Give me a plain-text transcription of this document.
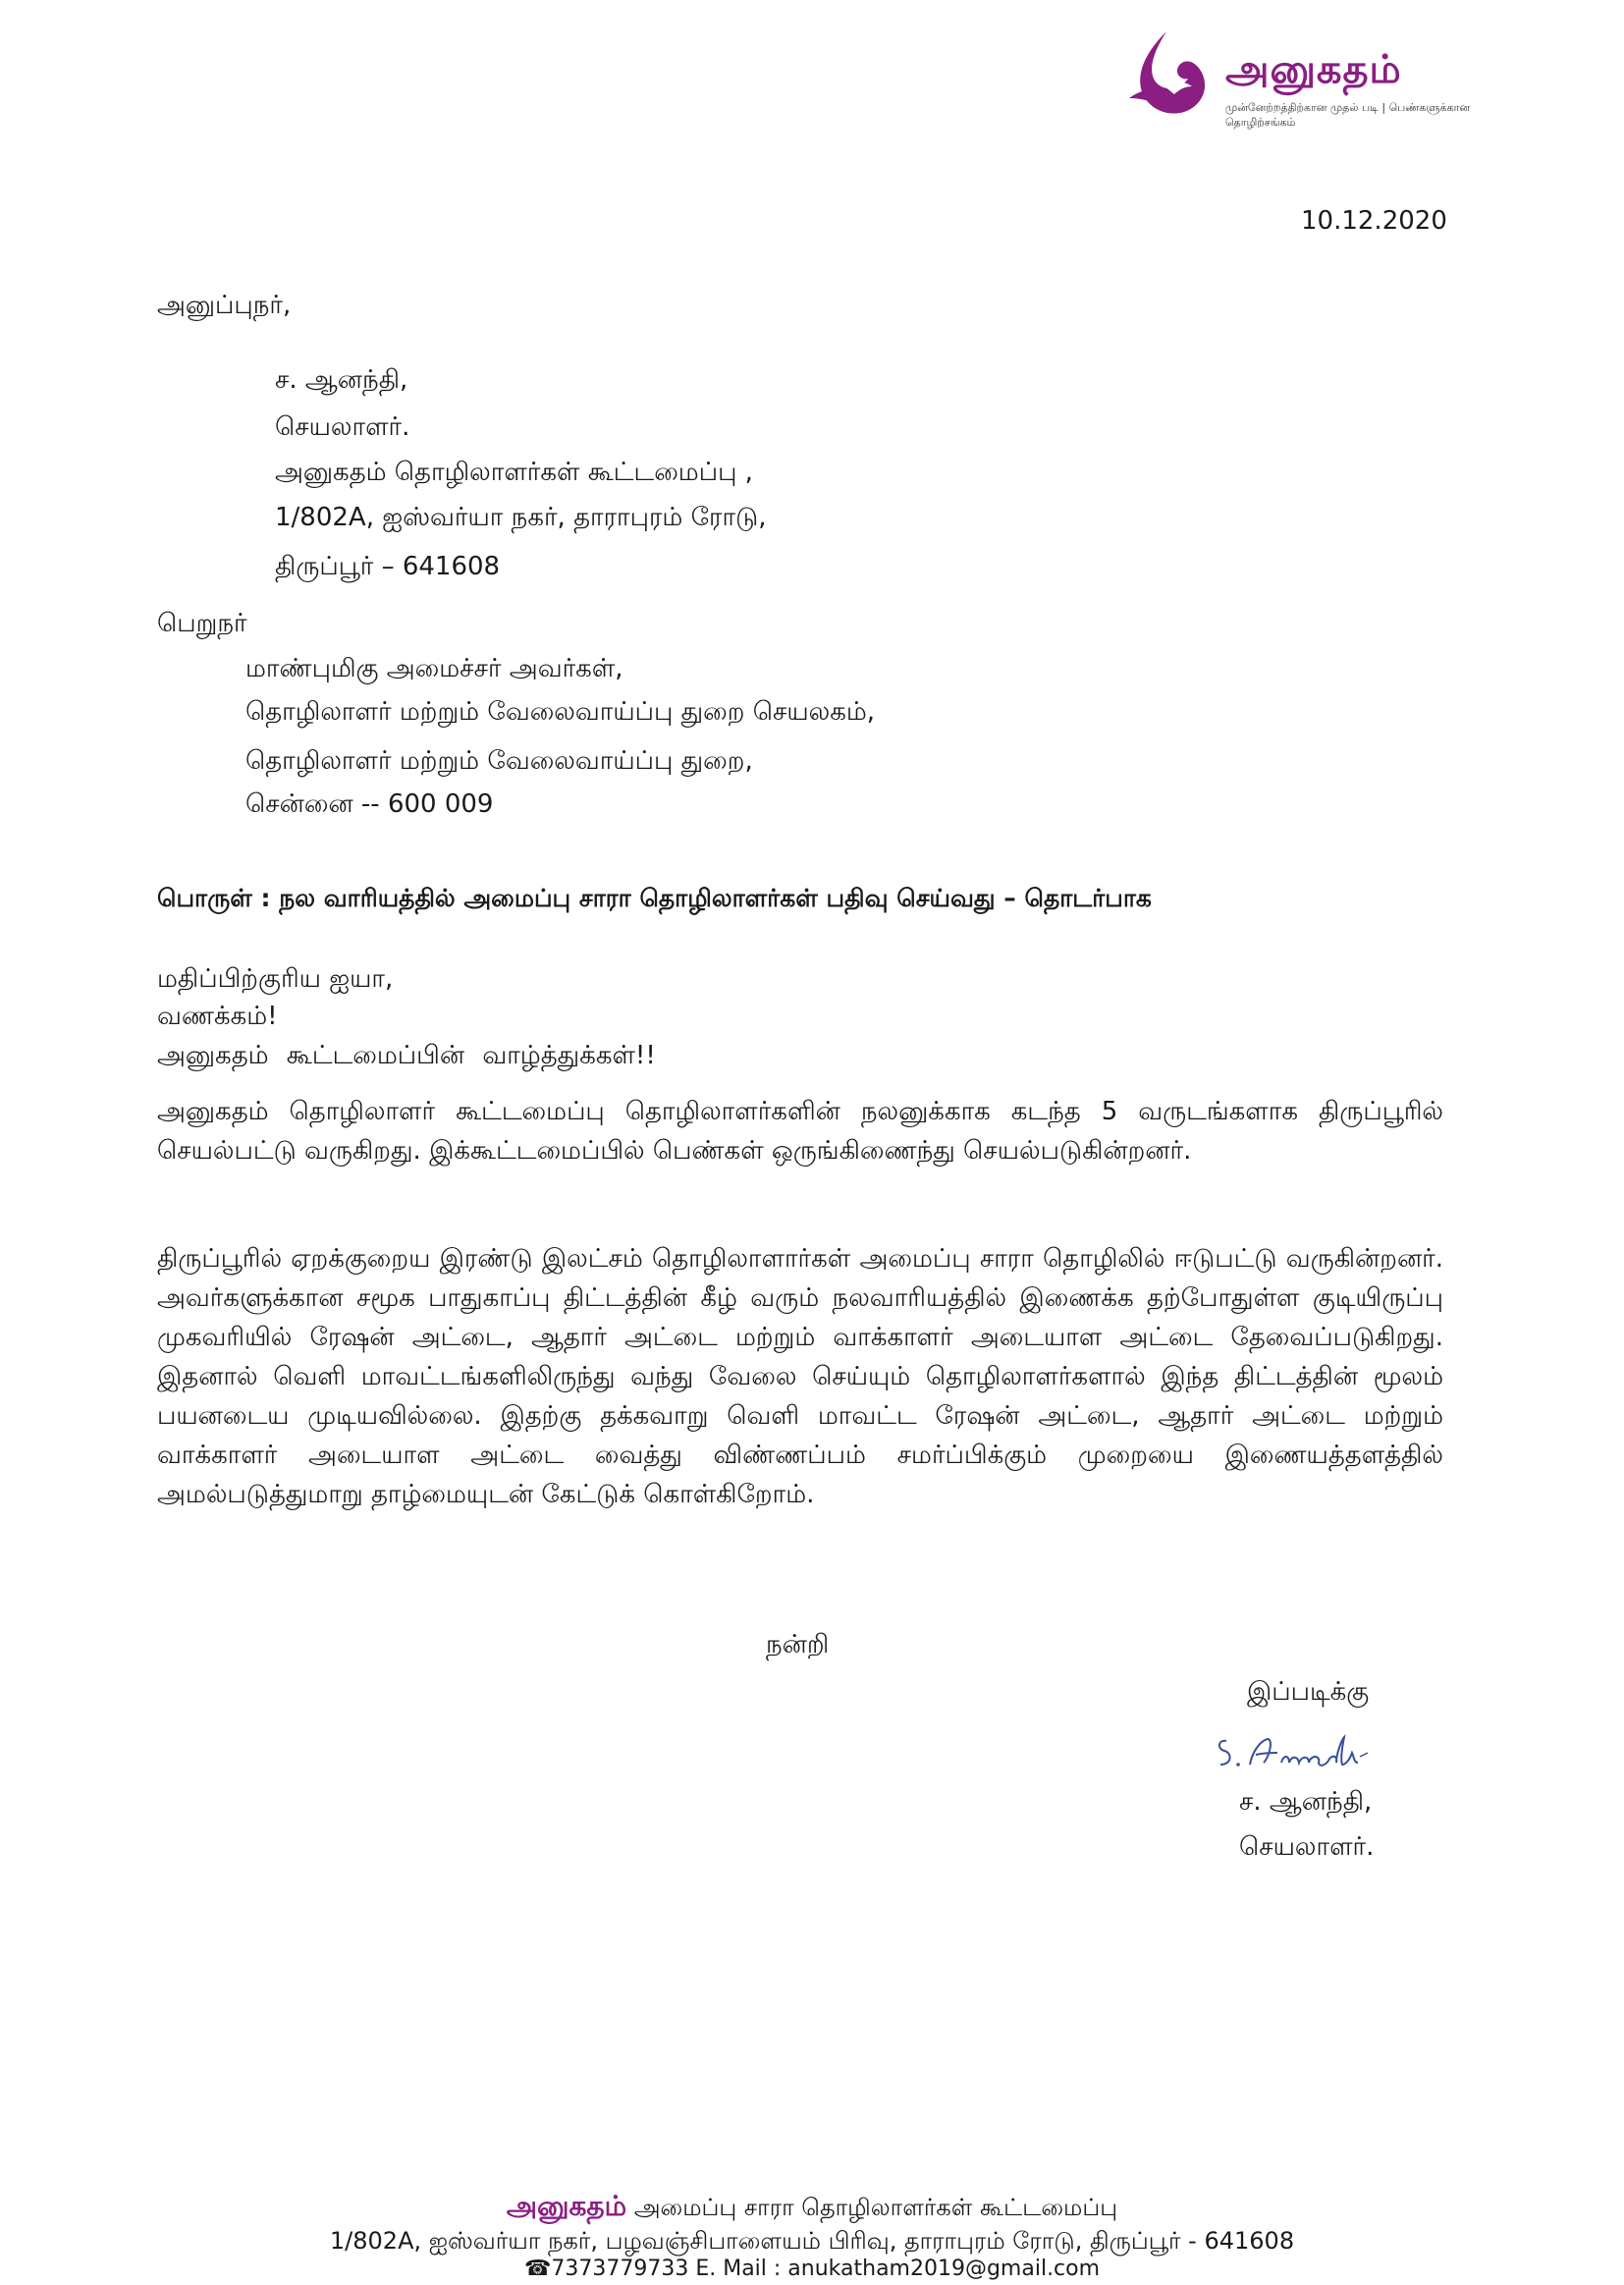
அனுகதம்
முன்னேற்றத்திற்கான முதல் படி | பெண்களுக்கான தொழிற்சங்கம்
10.12.2020
அனுப்புநர்,
ச. ஆனந்தி,
செயலாளர்.
அனுகதம் தொழிலாளர்கள் கூட்டமைப்பு ,
1/802A, ஐஸ்வர்யா நகர், தாராபுரம் ரோடு,
திருப்பூர் – 641608
பெறுநர்
மாண்புமிகு அமைச்சர் அவர்கள்,
தொழிலாளர் மற்றும் வேலைவாய்ப்பு துறை செயலகம்,
தொழிலாளர் மற்றும் வேலைவாய்ப்பு துறை,
சென்னை -- 600 009
பொருள் : நல வாரியத்தில் அமைப்பு சாரா தொழிலாளர்கள் பதிவு செய்வது – தொடர்பாக
மதிப்பிற்குரிய ஐயா,
வணக்கம்!
அனுகதம் கூட்டமைப்பின் வாழ்த்துக்கள்!!
அனுகதம் தொழிலாளர் கூட்டமைப்பு தொழிலாளர்களின் நலனுக்காக கடந்த 5 வருடங்களாக திருப்பூரில் செயல்பட்டு வருகிறது. இக்கூட்டமைப்பில் பெண்கள் ஒருங்கிணைந்து செயல்படுகின்றனர்.
திருப்பூரில் ஏறக்குறைய இரண்டு இலட்சம் தொழிலாளார்கள் அமைப்பு சாரா தொழிலில் ஈடுபட்டு வருகின்றனர். அவர்களுக்கான சமூக பாதுகாப்பு திட்டத்தின் கீழ் வரும் நலவாரியத்தில் இணைக்க தற்போதுள்ள குடியிருப்பு முகவரியில் ரேஷன் அட்டை, ஆதார் அட்டை மற்றும் வாக்காளர் அடையாள அட்டை தேவைப்படுகிறது. இதனால் வெளி மாவட்டங்களிலிருந்து வந்து வேலை செய்யும் தொழிலாளர்களால் இந்த திட்டத்தின் மூலம் பயனடைய முடியவில்லை. இதற்கு தக்கவாறு வெளி மாவட்ட ரேஷன் அட்டை, ஆதார் அட்டை மற்றும் வாக்காளர் அடையாள அட்டை வைத்து விண்ணப்பம் சமர்ப்பிக்கும் முறையை இணையத்தளத்தில் அமல்படுத்துமாறு தாழ்மையுடன் கேட்டுக் கொள்கிறோம்.
நன்றி
இப்படிக்கு
ச. ஆனந்தி,
செயலாளர்.
அனுகதம் அமைப்பு சாரா தொழிலாளர்கள் கூட்டமைப்பு
1/802A, ஐஸ்வர்யா நகர், பழவஞ்சிபாளையம் பிரிவு, தாராபுரம் ரோடு, திருப்பூர் - 641608
☎7373779733 E. Mail : anukatham2019@gmail.com
